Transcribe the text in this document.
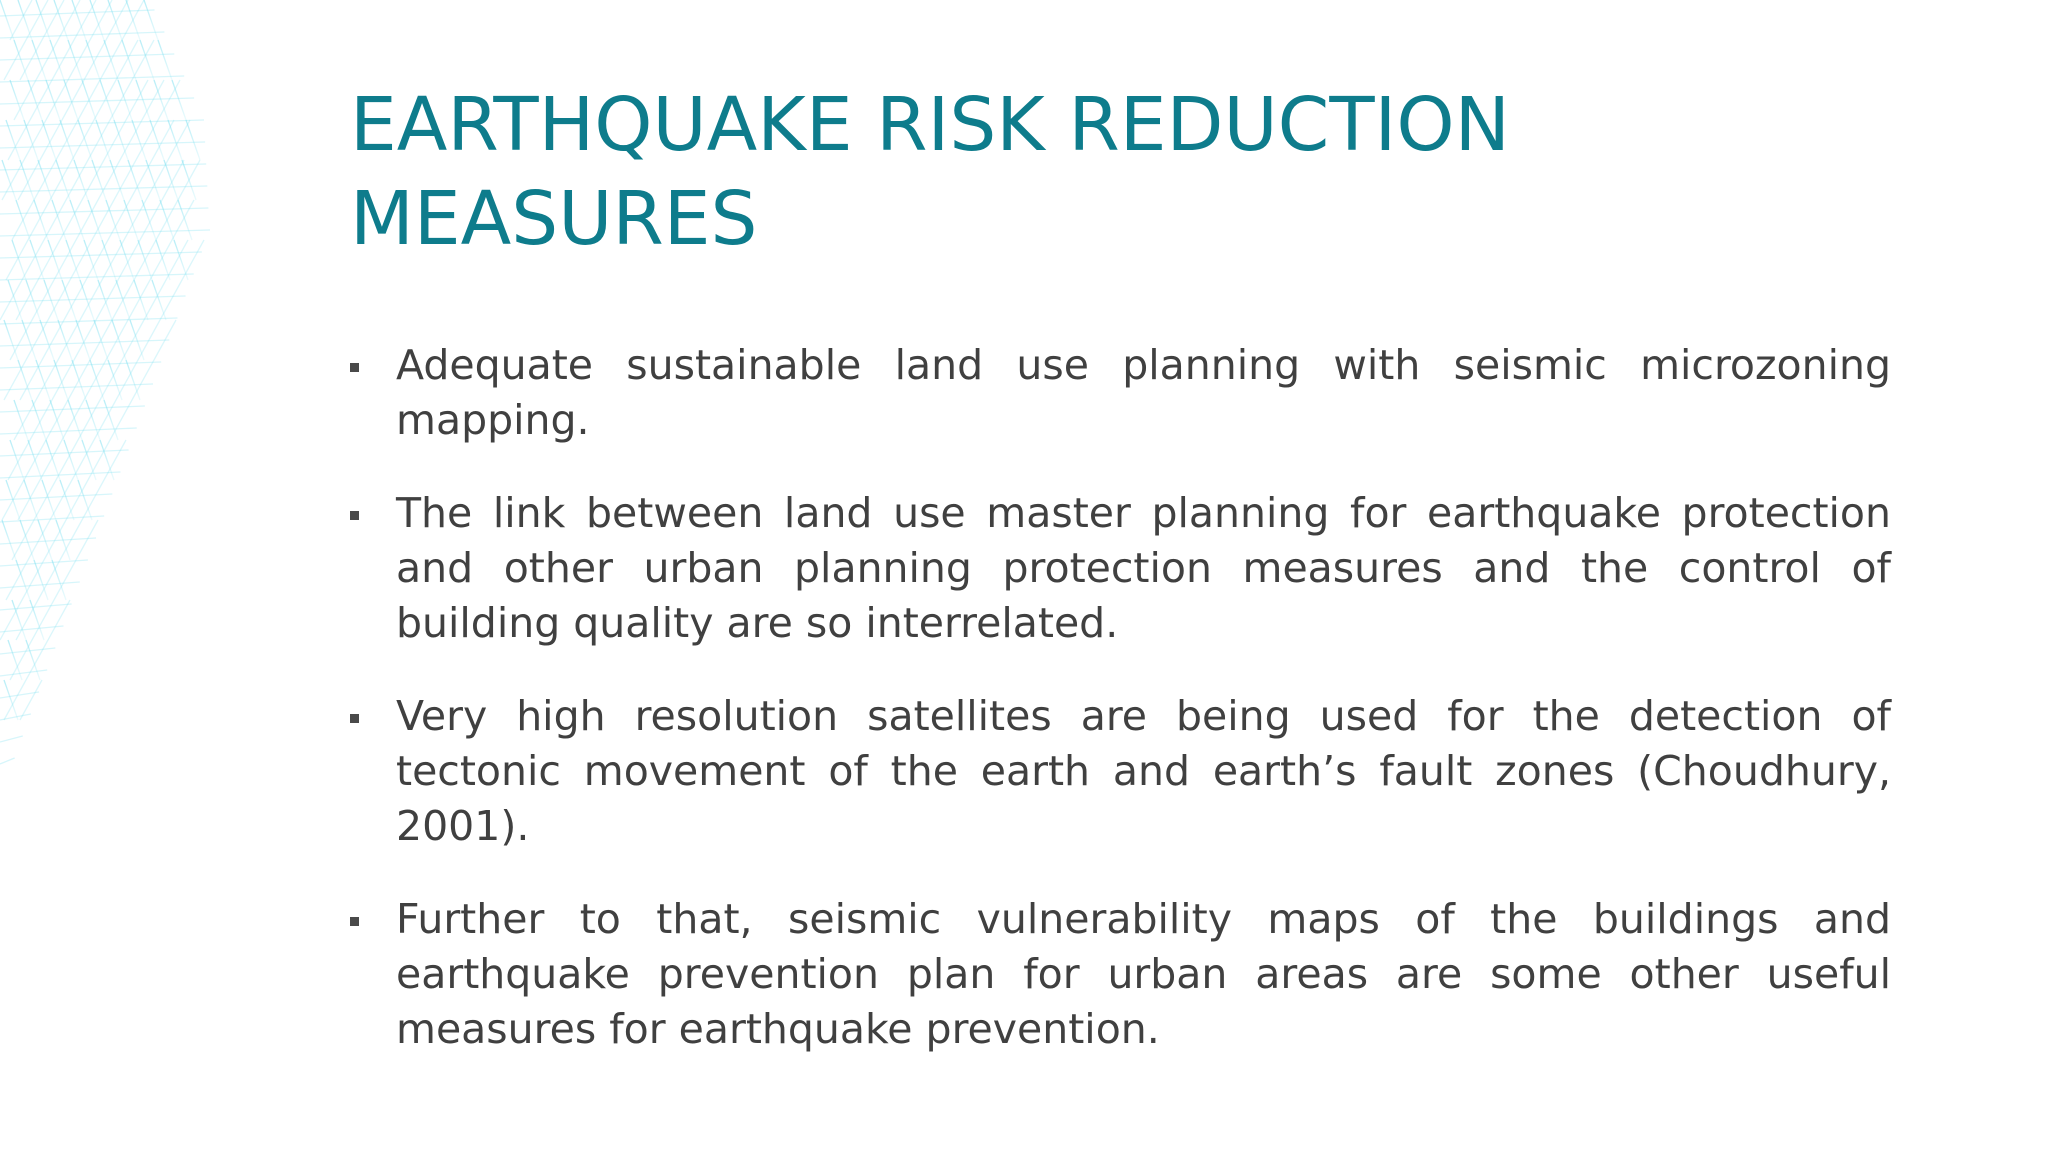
EARTHQUAKE RISK REDUCTION
MEASURES
Adequate sustainable land use planning with seismic microzoning mapping.
The link between land use master planning for earthquake protection and other urban planning protection measures and the control of building quality are so interrelated.
Very high resolution satellites are being used for the detection of tectonic movement of the earth and earth’s fault zones (Choudhury, 2001).
Further to that, seismic vulnerability maps of the buildings and earthquake prevention plan for urban areas are some other useful measures for earthquake prevention.
